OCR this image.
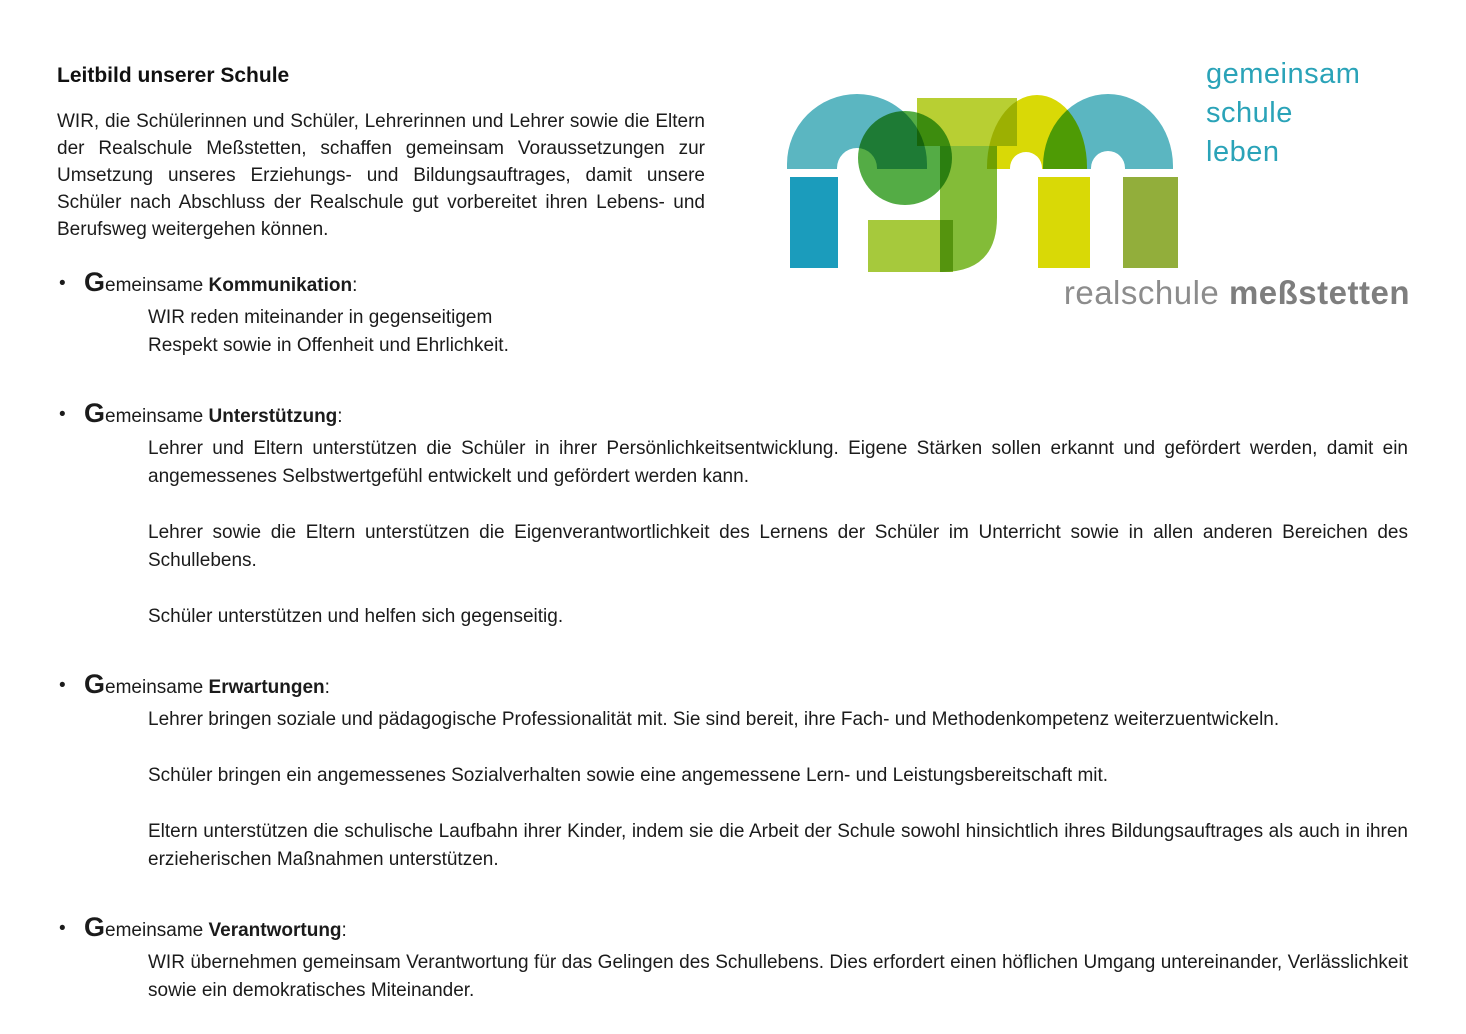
gemeinsam
schule
leben
realschule meßstetten
Leitbild unserer Schule

WIR, die Schülerinnen und Schüler, Lehrerinnen und Lehrer sowie die Eltern der Realschule Meßstetten, schaffen gemeinsam Voraussetzungen zur Umsetzung unseres Erziehungs- und Bildungsauftrages, damit unsere Schüler nach Abschluss der Realschule gut vorbereitet ihren Lebens- und Berufsweg weitergehen können.

• Gemeinsame Kommunikation:

WIR reden miteinander in gegenseitigem Respekt sowie in Offenheit und Ehrlichkeit.

• Gemeinsame Unterstützung:

Lehrer und Eltern unterstützen die Schüler in ihrer Persönlichkeitsentwicklung. Eigene Stärken sollen erkannt und gefördert werden, damit ein angemessenes Selbstwertgefühl entwickelt und gefördert werden kann.

Lehrer sowie die Eltern unterstützen die Eigenverantwortlichkeit des Lernens der Schüler im Unterricht sowie in allen anderen Bereichen des Schullebens.

Schüler unterstützen und helfen sich gegenseitig.

• Gemeinsame Erwartungen:

Lehrer bringen soziale und pädagogische Professionalität mit. Sie sind bereit, ihre Fach- und Methodenkompetenz weiterzuentwickeln.

Schüler bringen ein angemessenes Sozialverhalten sowie eine angemessene Lern- und Leistungsbereitschaft mit.

Eltern unterstützen die schulische Laufbahn ihrer Kinder, indem sie die Arbeit der Schule sowohl hinsichtlich ihres Bildungsauftrages als auch in ihren erzieherischen Maßnahmen unterstützen.

• Gemeinsame Verantwortung:

WIR übernehmen gemeinsam Verantwortung für das Gelingen des Schullebens. Dies erfordert einen höflichen Umgang untereinander, Verlässlichkeit sowie ein demokratisches Miteinander.
